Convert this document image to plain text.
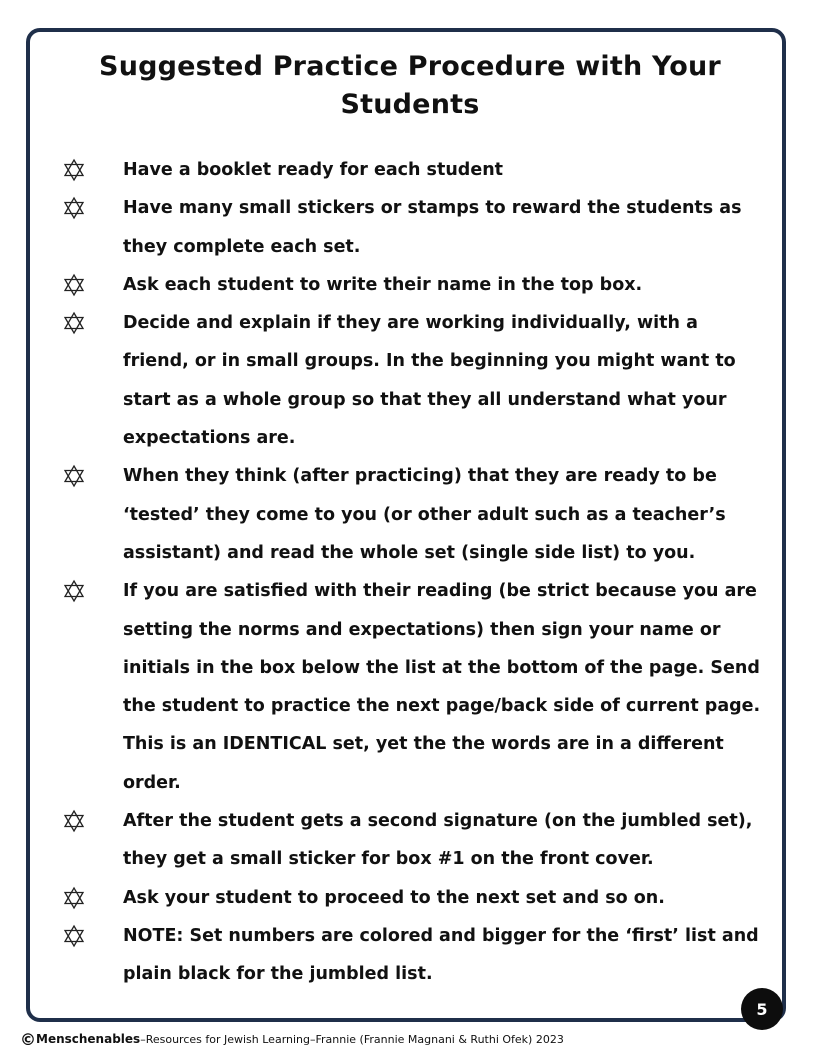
Suggested Practice Procedure with Your Students
Have a booklet ready for each student
Have many small stickers or stamps to reward the students as they complete each set.
Ask each student to write their name in the top box.
Decide and explain if they are working individually, with a friend, or in small groups. In the beginning you might want to start as a whole group so that they all understand what your expectations are.
When they think (after practicing) that they are ready to be ‘tested’ they come to you (or other adult such as a teacher’s assistant) and read the whole set (single side list) to you.
If you are satisfied with their reading (be strict because you are setting the norms and expectations) then sign your name or initials in the box below the list at the bottom of the page. Send the student to practice the next page/back side of current page. This is an IDENTICAL set, yet the the words are in a different order.
After the student gets a second signature (on the jumbled set), they get a small sticker for box #1 on the front cover.
Ask your student to proceed to the next set and so on.
NOTE: Set numbers are colored and bigger for the ‘first’ list and plain black for the jumbled list.
5
©Menschenables–Resources for Jewish Learning–Frannie (Frannie Magnani & Ruthi Ofek) 2023
